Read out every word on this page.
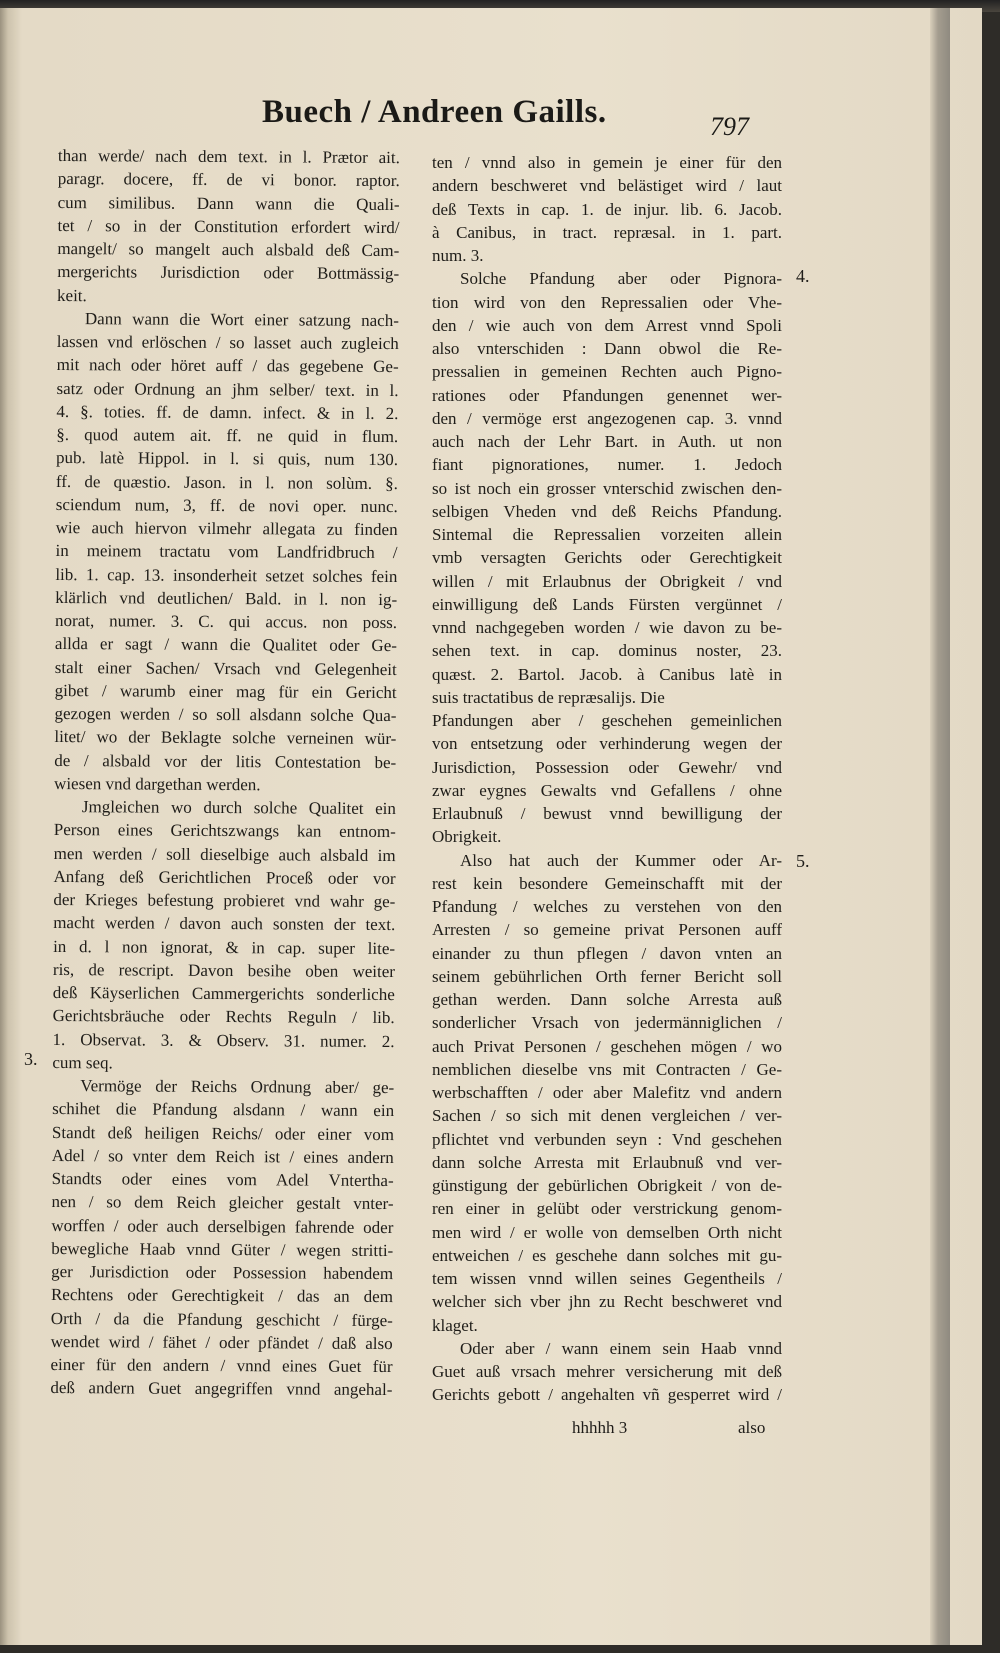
Buech / Andreen Gaills.	797
than werde/ nach dem text. in l. Prætor ait.
paragr. docere, ff. de vi bonor. raptor.
cum similibus. Dann wann die Quali-
tet / so in der Constitution erfordert wird/
mangelt/ so mangelt auch alsbald deß Cam-
mergerichts Jurisdiction oder Bottmässig-
keit.
Dann wann die Wort einer satzung nach-
lassen vnd erlöschen / so lasset auch zugleich
mit nach oder höret auff / das gegebene Ge-
satz oder Ordnung an jhm selber/ text. in l.
4. §. toties. ff. de damn. infect. & in l. 2.
§. quod autem ait. ff. ne quid in flum.
pub. latè Hippol. in l. si quis, num 130.
ff. de quæstio. Jason. in l. non solùm. §.
sciendum num, 3, ff. de novi oper. nunc.
wie auch hiervon vilmehr allegata zu finden
in meinem tractatu vom Landfridbruch /
lib. 1. cap. 13. insonderheit setzet solches fein
klärlich vnd deutlichen/ Bald. in l. non ig-
norat, numer. 3. C. qui accus. non poss.
allda er sagt / wann die Qualitet oder Ge-
stalt einer Sachen/ Vrsach vnd Gelegenheit
gibet / warumb einer mag für ein Gericht
gezogen werden / so soll alsdann solche Qua-
litet/ wo der Beklagte solche verneinen wür-
de / alsbald vor der litis Contestation be-
wiesen vnd dargethan werden.
Jmgleichen wo durch solche Qualitet ein
Person eines Gerichtszwangs kan entnom-
men werden / soll dieselbige auch alsbald im
Anfang deß Gerichtlichen Proceß oder vor
der Krieges befestung probieret vnd wahr ge-
macht werden / davon auch sonsten der text.
in d. l non ignorat, & in cap. super lite-
ris, de rescript. Davon besihe oben weiter
deß Käyserlichen Cammergerichts sonderliche
Gerichtsbräuche oder Rechts Reguln / lib.
1. Observat. 3. & Observ. 31. numer. 2.
cum seq.
Vermöge der Reichs Ordnung aber/ ge-
schihet die Pfandung alsdann / wann ein
Standt deß heiligen Reichs/ oder einer vom
Adel / so vnter dem Reich ist / eines andern
Standts oder eines vom Adel Vnterthа-
nen / so dem Reich gleicher gestalt vnter-
worffen / oder auch derselbigen fahrende oder
bewegliche Haab vnnd Güter / wegen stritti-
ger Jurisdiction oder Possession habendem
Rechtens oder Gerechtigkeit / das an dem
Orth / da die Pfandung geschicht / fürge-
wendet wird / fähet / oder pfändet / daß also
einer für den andern / vnnd eines Guet für
deß andern Guet angegriffen vnnd angehal-
ten / vnnd also in gemein je einer für den
andern beschweret vnd belästiget wird / laut
deß Texts in cap. 1. de injur. lib. 6. Jacob.
à Canibus, in tract. repræsal. in 1. part.
num. 3.
Solche Pfandung aber oder Pignora-
tion wird von den Repressalien oder Vhe-
den / wie auch von dem Arrest vnnd Spoli
also vnterschiden : Dann obwol die Re-
pressalien in gemeinen Rechten auch Pigno-
rationes oder Pfandungen genennet wer-
den / vermöge erst angezogenen cap. 3. vnnd
auch nach der Lehr Bart. in Auth. ut non
fiant pignorationes, numer. 1. Jedoch
so ist noch ein grosser vnterschid zwischen den-
selbigen Vheden vnd deß Reichs Pfandung.
Sintemal die Repressalien vorzeiten allein
vmb versagten Gerichts oder Gerechtigkeit
willen / mit Erlaubnus der Obrigkeit / vnd
einwilligung deß Lands Fürsten vergünnet /
vnnd nachgegeben worden / wie davon zu be-
sehen text. in cap. dominus noster, 23.
quæst. 2. Bartol. Jacob. à Canibus latè in
suis tractatibus de repræsalijs. Die
Pfandungen aber / geschehen gemeinlichen
von entsetzung oder verhinderung wegen der
Jurisdiction, Possession oder Gewehr/ vnd
zwar eygnes Gewalts vnd Gefallens / ohne
Erlaubnuß / bewust vnnd bewilligung der
Obrigkeit.
Also hat auch der Kummer oder Ar-
rest kein besondere Gemeinschafft mit der
Pfandung / welches zu verstehen von den
Arresten / so gemeine privat Personen auff
einander zu thun pflegen / davon vnten an
seinem gebührlichen Orth ferner Bericht soll
gethan werden. Dann solche Arresta auß
sonderlicher Vrsach von jedermänniglichen /
auch Privat Personen / geschehen mögen / wo
nemblichen dieselbe vns mit Contracten / Ge-
werbschafften / oder aber Malefitz vnd andern
Sachen / so sich mit denen vergleichen / ver-
pflichtet vnd verbunden seyn : Vnd geschehen
dann solche Arresta mit Erlaubnuß vnd ver-
günstigung der gebürlichen Obrigkeit / von de-
ren einer in gelübt oder verstrickung genom-
men wird / er wolle von demselben Orth nicht
entweichen / es geschehe dann solches mit gu-
tem wissen vnnd willen seines Gegentheils /
welcher sich vber jhn zu Recht beschweret vnd
klaget.
Oder aber / wann einem sein Haab vnnd
Guet auß vrsach mehrer versicherung mit deß
Gerichts gebott / angehalten vñ gesperret wird /
3.
4.
5.
hhhhh 3	also
